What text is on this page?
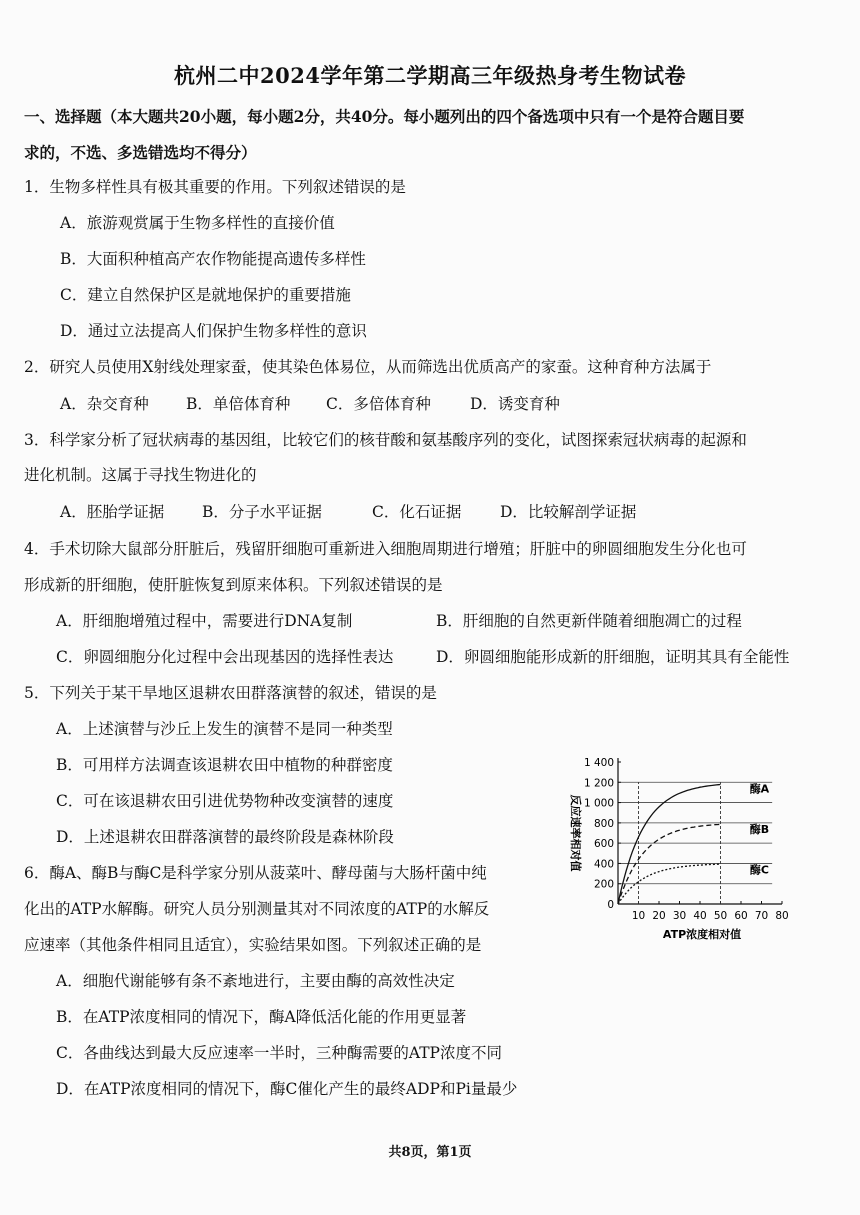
杭州二中2024学年第二学期高三年级热身考生物试卷
一、选择题（本大题共20小题，每小题2分，共40分。每小题列出的四个备选项中只有一个是符合题目要
求的，不选、多选错选均不得分）
1．生物多样性具有极其重要的作用。下列叙述错误的是
A．旅游观赏属于生物多样性的直接价值
B．大面积种植高产农作物能提高遗传多样性
C．建立自然保护区是就地保护的重要措施
D．通过立法提高人们保护生物多样性的意识
2．研究人员使用X射线处理家蚕，使其染色体易位，从而筛选出优质高产的家蚕。这种育种方法属于
A．杂交育种 B．单倍体育种 C．多倍体育种	D．诱变育种
3．科学家分析了冠状病毒的基因组，比较它们的核苷酸和氨基酸序列的变化，试图探索冠状病毒的起源和
进化机制。这属于寻找生物进化的
A．胚胎学证据 B．分子水平证据	C．化石证据 D．比较解剖学证据
4．手术切除大鼠部分肝脏后，残留肝细胞可重新进入细胞周期进行增殖；肝脏中的卵圆细胞发生分化也可
形成新的肝细胞，使肝脏恢复到原来体积。下列叙述错误的是
A．肝细胞增殖过程中，需要进行DNA复制	B．肝细胞的自然更新伴随着细胞凋亡的过程
C．卵圆细胞分化过程中会出现基因的选择性表达	D．卵圆细胞能形成新的肝细胞，证明其具有全能性
5．下列关于某干旱地区退耕农田群落演替的叙述，错误的是
A．上述演替与沙丘上发生的演替不是同一种类型
B．可用样方法调查该退耕农田中植物的种群密度
C．可在该退耕农田引进优势物种改变演替的速度
D．上述退耕农田群落演替的最终阶段是森林阶段
6．酶A、酶B与酶C是科学家分别从菠菜叶、酵母菌与大肠杆菌中纯
化出的ATP水解酶。研究人员分别测量其对不同浓度的ATP的水解反
应速率（其他条件相同且适宜），实验结果如图。下列叙述正确的是
A．细胞代谢能够有条不紊地进行，主要由酶的高效性决定
B．在ATP浓度相同的情况下，酶A降低活化能的作用更显著
C．各曲线达到最大反应速率一半时，三种酶需要的ATP浓度不同
D．在ATP浓度相同的情况下，酶C催化产生的最终ADP和Pi量最少
0
200
400
600
800
1 000
1 200
1 400
10 20 30 40 50 60 70 80
酶A
酶B
酶C
ATP浓度相对值
反应速率相对值
共8页，第1页
